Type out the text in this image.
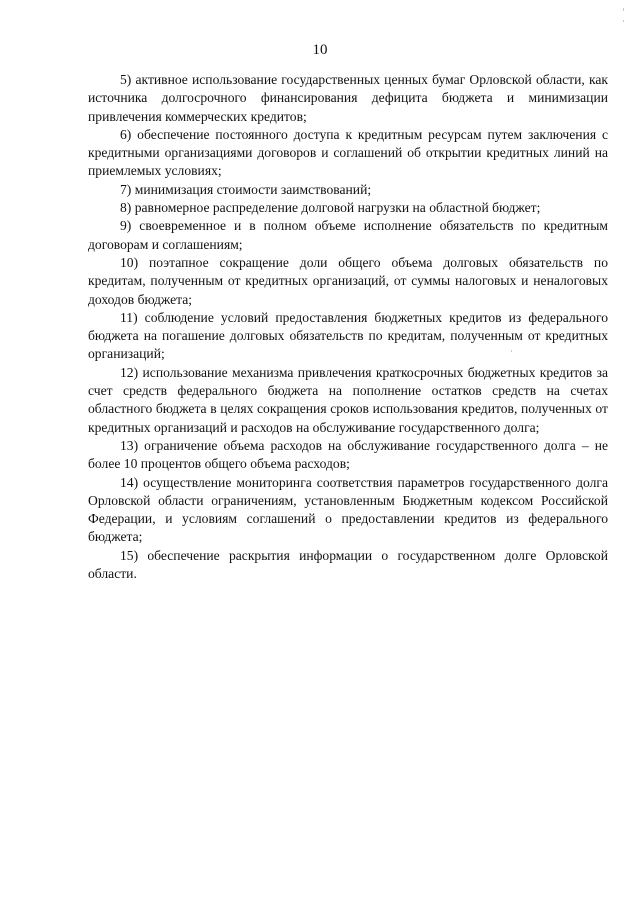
10

5) активное использование государственных ценных бумаг Орловской области, как источника долгосрочного финансирования дефицита бюджета и минимизации привлечения коммерческих кредитов;

6) обеспечение постоянного доступа к кредитным ресурсам путем заключения с кредитными организациями договоров и соглашений об открытии кредитных линий на приемлемых условиях;

7) минимизация стоимости заимствований;

8) равномерное распределение долговой нагрузки на областной бюджет;

9) своевременное и в полном объеме исполнение обязательств по кредитным договорам и соглашениям;

10) поэтапное сокращение доли общего объема долговых обязательств по кредитам, полученным от кредитных организаций, от суммы налоговых и неналоговых доходов бюджета;

11) соблюдение условий предоставления бюджетных кредитов из федерального бюджета на погашение долговых обязательств по кредитам, полученным от кредитных организаций;

12) использование механизма привлечения краткосрочных бюджетных кредитов за счет средств федерального бюджета на пополнение остатков средств на счетах областного бюджета в целях сокращения сроков использования кредитов, полученных от кредитных организаций и расходов на обслуживание государственного долга;

13) ограничение объема расходов на обслуживание государственного долга – не более 10 процентов общего объема расходов;

14) осуществление мониторинга соответствия параметров государственного долга Орловской области ограничениям, установленным Бюджетным кодексом Российской Федерации, и условиям соглашений о предоставлении кредитов из федерального бюджета;

15) обеспечение раскрытия информации о государственном долге Орловской области.
